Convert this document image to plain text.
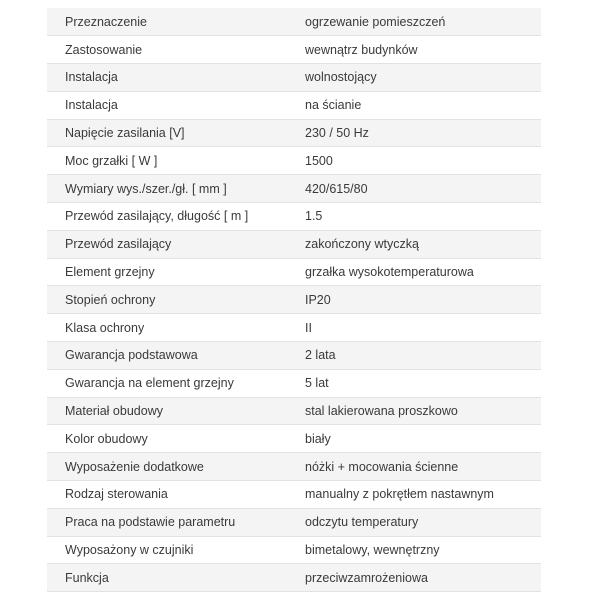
Przeznaczenie	ogrzewanie pomieszczeń
Zastosowanie	wewnątrz budynków
Instalacja	wolnostojący
Instalacja	na ścianie
Napięcie zasilania [V]	230 / 50 Hz
Moc grzałki [ W ]	1500
Wymiary wys./szer./gł. [ mm ]	420/615/80
Przewód zasilający, długość [ m ]	1.5
Przewód zasilający	zakończony wtyczką
Element grzejny	grzałka wysokotemperaturowa
Stopień ochrony	IP20
Klasa ochrony	II
Gwarancja podstawowa	2 lata
Gwarancja na element grzejny	5 lat
Materiał obudowy	stal lakierowana proszkowo
Kolor obudowy	biały
Wyposażenie dodatkowe	nóżki + mocowania ścienne
Rodzaj sterowania	manualny z pokrętłem nastawnym
Praca na podstawie parametru	odczytu temperatury
Wyposażony w czujniki	bimetalowy, wewnętrzny
Funkcja	przeciwzamrożeniowa
